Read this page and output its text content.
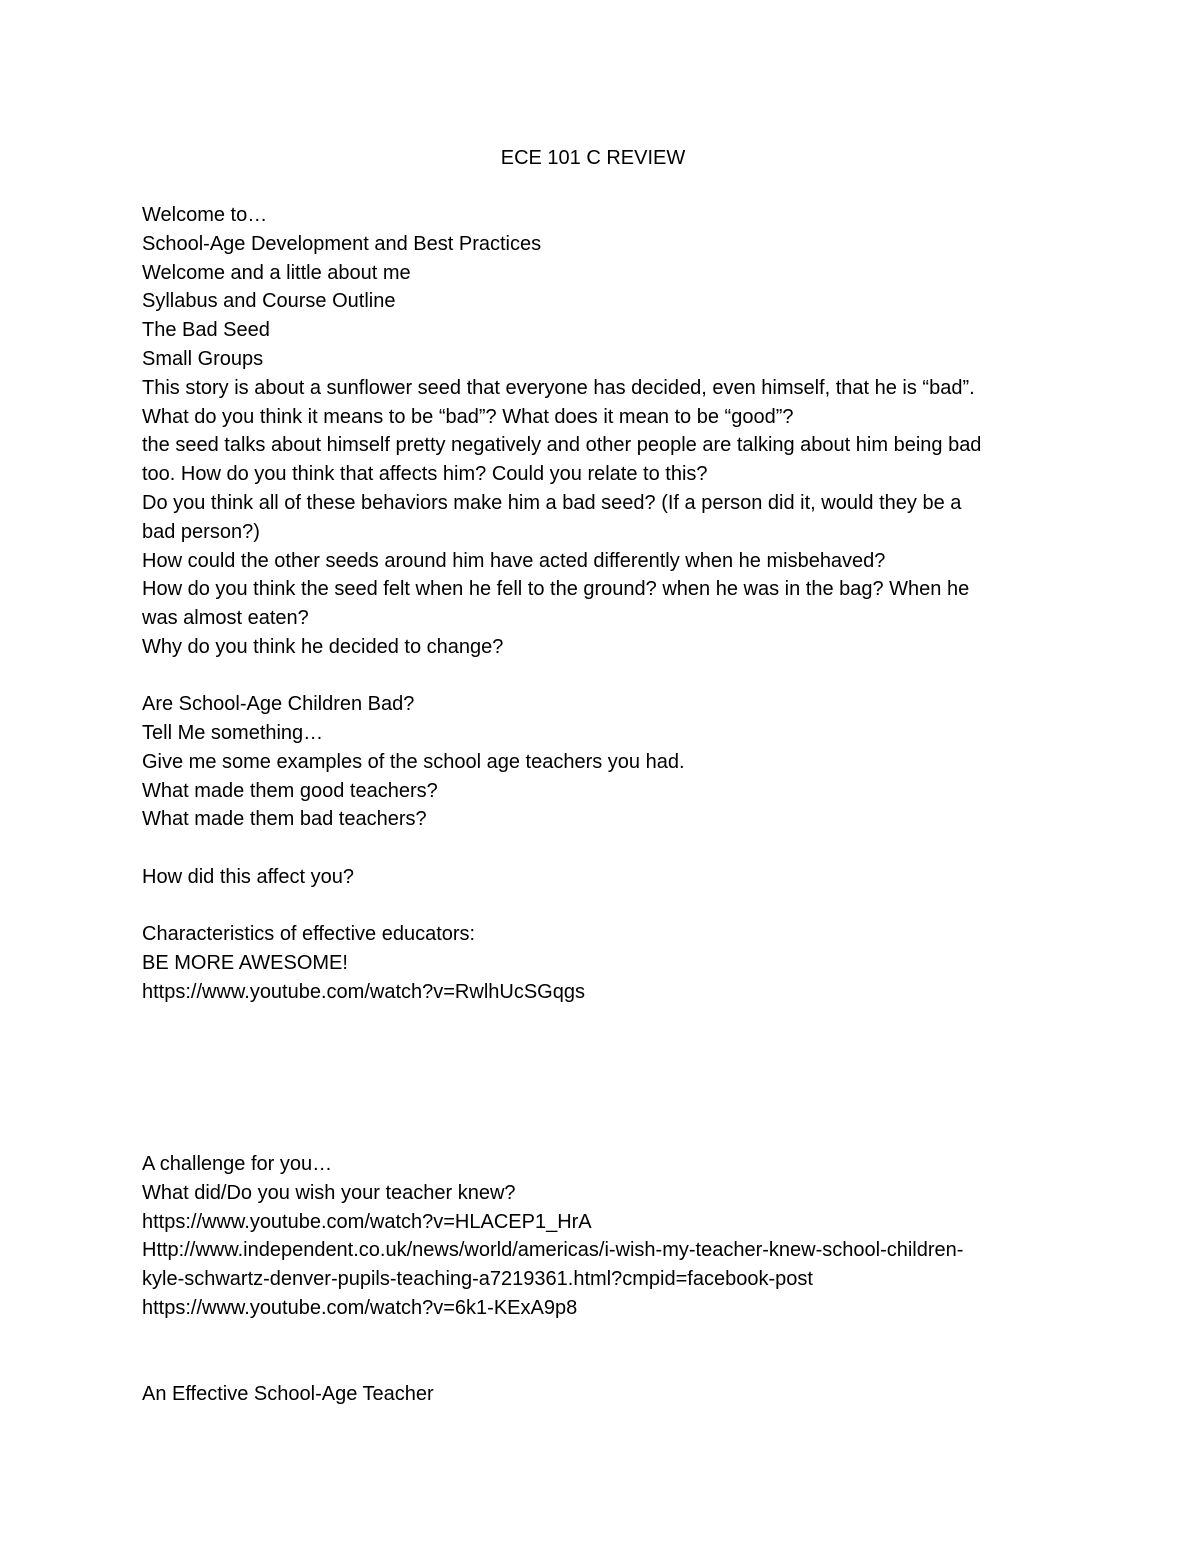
ECE 101 C REVIEW
Welcome to…
School-Age Development and Best Practices
Welcome and a little about me
Syllabus and Course Outline
The Bad Seed
Small Groups
This story is about a sunflower seed that everyone has decided, even himself, that he is “bad”.
What do you think it means to be “bad”? What does it mean to be “good”?
the seed talks about himself pretty negatively and other people are talking about him being bad
too. How do you think that affects him? Could you relate to this?
Do you think all of these behaviors make him a bad seed? (If a person did it, would they be a
bad person?)
How could the other seeds around him have acted differently when he misbehaved?
How do you think the seed felt when he fell to the ground? when he was in the bag? When he
was almost eaten?
Why do you think he decided to change?
Are School-Age Children Bad?
Tell Me something…
Give me some examples of the school age teachers you had.
What made them good teachers?
What made them bad teachers?
How did this affect you?
Characteristics of effective educators:
BE MORE AWESOME!
https://www.youtube.com/watch?v=RwlhUcSGqgs
A challenge for you…
What did/Do you wish your teacher knew?
https://www.youtube.com/watch?v=HLACEP1_HrA
Http://www.independent.co.uk/news/world/americas/i-wish-my-teacher-knew-school-children-
kyle-schwartz-denver-pupils-teaching-a7219361.html?cmpid=facebook-post
https://www.youtube.com/watch?v=6k1-KExA9p8
An Effective School-Age Teacher
